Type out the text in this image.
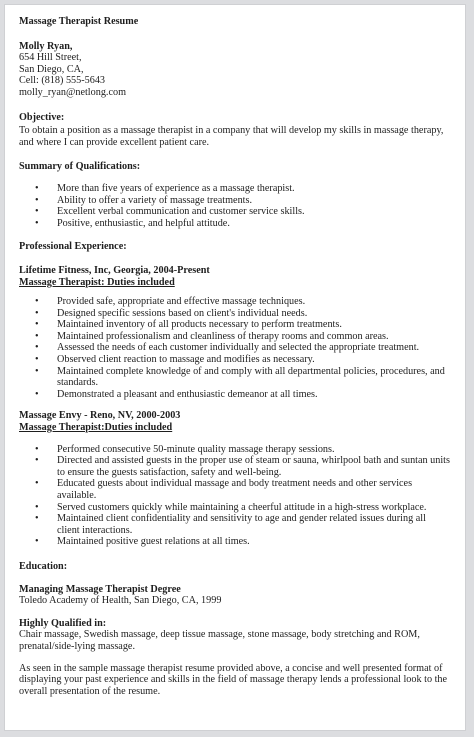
Massage Therapist Resume
Molly Ryan,
654 Hill Street,
San Diego, CA,
Cell: (818) 555-5643
molly_ryan@netlong.com
Objective:
To obtain a position as a massage therapist in a company that will develop my skills in massage therapy,
and where I can provide excellent patient care.
Summary of Qualifications:
• More than five years of experience as a massage therapist.
• Ability to offer a variety of massage treatments.
• Excellent verbal communication and customer service skills.
• Positive, enthusiastic, and helpful attitude.
Professional Experience:
Lifetime Fitness, Inc, Georgia, 2004-Present
Massage Therapist: Duties included
• Provided safe, appropriate and effective massage techniques.
• Designed specific sessions based on client's individual needs.
• Maintained inventory of all products necessary to perform treatments.
• Maintained professionalism and cleanliness of therapy rooms and common areas.
• Assessed the needs of each customer individually and selected the appropriate treatment.
• Observed client reaction to massage and modifies as necessary.
• Maintained complete knowledge of and comply with all departmental policies, procedures, and standards.
• Demonstrated a pleasant and enthusiastic demeanor at all times.
Massage Envy - Reno, NV, 2000-2003
Massage Therapist:Duties included
• Performed consecutive 50-minute quality massage therapy sessions.
• Directed and assisted guests in the proper use of steam or sauna, whirlpool bath and suntan units to ensure the guests satisfaction, safety and well-being.
• Educated guests about individual massage and body treatment needs and other services available.
• Served customers quickly while maintaining a cheerful attitude in a high-stress workplace.
• Maintained client confidentiality and sensitivity to age and gender related issues during all client interactions.
• Maintained positive guest relations at all times.
Education:
Managing Massage Therapist Degree
Toledo Academy of Health, San Diego, CA, 1999
Highly Qualified in:
Chair massage, Swedish massage, deep tissue massage, stone massage, body stretching and ROM,
prenatal/side-lying massage.
As seen in the sample massage therapist resume provided above, a concise and well presented format of
displaying your past experience and skills in the field of massage therapy lends a professional look to the
overall presentation of the resume.
